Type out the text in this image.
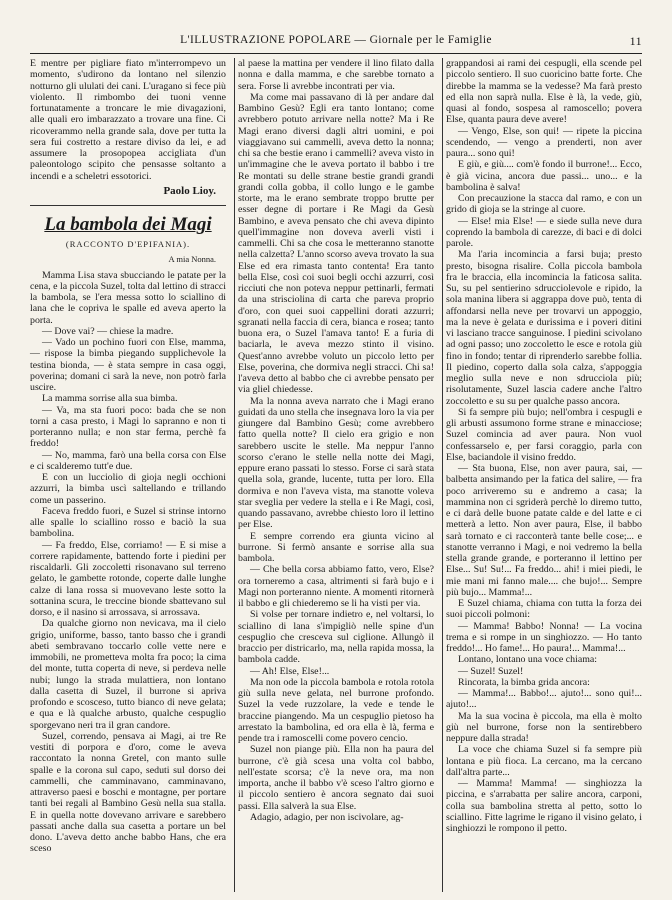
L'ILLUSTRAZIONE POPOLARE — Giornale per le Famiglie	11

E mentre per pigliare fiato m'interrompevo un momento, s'udirono da lontano nel silenzio notturno gli ululati dei cani. L'uragano si fece più violento. Il rimbombo dei tuoni venne fortunatamente a troncare le mie divagazioni, alle quali ero imbarazzato a trovare una fine. Ci ricoverammo nella grande sala, dove per tutta la sera fui costretto a restare diviso da lei, e ad assumere la prosopopea accigliata d'un paleontologo scipito che pensasse soltanto a incendi e a scheletri essotorici.

Paolo Lioy.
La bambola dei Magi
(RACCONTO D'EPIFANIA).
A mia Nonna.

Mamma Lisa stava sbucciando le patate per la cena, e la piccola Suzel, tolta dal lettino di stracci la bambola, se l'era messa sotto lo sciallino di lana che le copriva le spalle ed aveva aperto la porta.

— Dove vai? — chiese la madre.

— Vado un pochino fuori con Else, mamma, — rispose la bimba piegando supplichevole la testina bionda, — è stata sempre in casa oggi, poverina; domani ci sarà la neve, non potrò farla uscire.

La mamma sorrise alla sua bimba.

— Va, ma sta fuori poco: bada che se non torni a casa presto, i Magi lo sapranno e non ti porteranno nulla; e non star ferma, perchè fa freddo!

— No, mamma, farò una bella corsa con Else e ci scalderemo tutt'e due.

E con un lucciolio di gioja negli occhioni azzurri, la bimba uscì saltellando e trillando come un passerino.

Faceva freddo fuori, e Suzel si strinse intorno alle spalle lo sciallino rosso e baciò la sua bambolina.

— Fa freddo, Else, corriamo! — E si mise a correre rapidamente, battendo forte i piedini per riscaldarli. Gli zoccoletti risonavano sul terreno gelato, le gambette rotonde, coperte dalle lunghe calze di lana rossa si muovevano leste sotto la sottanina scura, le treccine bionde sbattevano sul dorso, e il nasino si arrossava, si arrossava.

Da qualche giorno non nevicava, ma il cielo grigio, uniforme, basso, tanto basso che i grandi abeti sembravano toccarlo colle vette nere e immobili, ne prometteva molta fra poco; la cima del monte, tutta coperta di neve, si perdeva nelle nubi; lungo la strada mulattiera, non lontano dalla casetta di Suzel, il burrone si apriva profondo e scosceso, tutto bianco di neve gelata; e qua e là qualche arbusto, qualche cespuglio sporgevano neri tra il gran candore.

Suzel, correndo, pensava ai Magi, ai tre Re vestiti di porpora e d'oro, come le aveva raccontato la nonna Gretel, con manto sulle spalle e la corona sul capo, seduti sul dorso dei cammelli, che camminavano, camminavano, attraverso paesi e boschi e montagne, per portare tanti bei regali al Bambino Gesù nella sua stalla. E in quella notte dovevano arrivare e sarebbero passati anche dalla sua casetta a portare un bel dono. L'aveva detto anche babbo Hans, che era sceso

al paese la mattina per vendere il lino filato dalla nonna e dalla mamma, e che sarebbe tornato a sera. Forse li avrebbe incontrati per via.

Ma come mai passavano di là per andare dal Bambino Gesù? Egli era tanto lontano; come avrebbero potuto arrivare nella notte? Ma i Re Magi erano diversi dagli altri uomini, e poi viaggiavano sui cammelli, aveva detto la nonna; chi sa che bestie erano i cammelli? aveva visto in un'immagine che le aveva portato il babbo i tre Re montati su delle strane bestie grandi grandi grandi colla gobba, il collo lungo e le gambe storte, ma le erano sembrate troppo brutte per esser degne di portare i Re Magi da Gesù Bambino, e aveva pensato che chi aveva dipinto quell'immagine non doveva averli visti i cammelli. Chi sa che cosa le metteranno stanotte nella calzetta? L'anno scorso aveva trovato la sua Else ed era rimasta tanto contenta! Era tanto bella Else, così coi suoi begli occhi azzurri, così ricciuti che non poteva neppur pettinarli, fermati da una strisciolina di carta che pareva proprio d'oro, con quei suoi cappellini dorati azzurri; sgranati nella faccia di cera, bianca e rosea; tanto buona era, o Suzel l'amava tanto! E a furia di baciarla, le aveva mezzo stinto il visino. Quest'anno avrebbe voluto un piccolo letto per Else, poverina, che dormiva negli stracci. Chi sa! l'aveva detto al babbo che ci avrebbe pensato per via gliel chiedesse.

Ma la nonna aveva narrato che i Magi erano guidati da uno stella che insegnava loro la via per giungere dal Bambino Gesù; come avrebbero fatto quella notte? Il cielo era grigio e non sarebbero uscite le stelle. Ma neppur l'anno scorso c'erano le stelle nella notte dei Magi, eppure erano passati lo stesso. Forse ci sarà stata quella sola, grande, lucente, tutta per loro. Ella dormiva e non l'aveva vista, ma stanotte voleva star sveglia per vedere la stella e i Re Magi, così, quando passavano, avrebbe chiesto loro il lettino per Else.

E sempre correndo era giunta vicino al burrone. Si fermò ansante e sorrise alla sua bambola.

— Che bella corsa abbiamo fatto, vero, Else? ora torneremo a casa, altrimenti si farà bujo e i Magi non porteranno niente. A momenti ritornerà il babbo e gli chiederemo se li ha visti per via.

Si volse per tornare indietro e, nel voltarsi, lo sciallino di lana s'impigliò nelle spine d'un cespuglio che cresceva sul ciglione. Allungò il braccio per districarlo, ma, nella rapida mossa, la bambola cadde.

— Ah! Else, Else!...

Ma non ode la piccola bambola e rotola rotola giù sulla neve gelata, nel burrone profondo. Suzel la vede ruzzolare, la vede e tende le braccine piangendo. Ma un cespuglio pietoso ha arrestato la bambolina, ed ora ella è là, ferma e pende tra i ramoscelli come povero cencio.

Suzel non piange più. Ella non ha paura del burrone, c'è già scesa una volta col babbo, nell'estate scorsa; c'è la neve ora, ma non importa, anche il babbo v'è sceso l'altro giorno e il piccolo sentiero è ancora segnato dai suoi passi. Ella salverà la sua Else.

Adagio, adagio, per non iscivolare, ag-

grappandosi ai rami dei cespugli, ella scende pel piccolo sentiero. Il suo cuoricino batte forte. Che direbbe la mamma se la vedesse? Ma farà presto ed ella non saprà nulla. Else è là, la vede, giù, quasi al fondo, sospesa al ramoscello; povera Else, quanta paura deve avere!

— Vengo, Else, son qui! — ripete la piccina scendendo, — vengo a prenderti, non aver paura... sono qui!

E giù, e giù.... com'è fondo il burrone!... Ecco, è già vicina, ancora due passi... uno... e la bambolina è salva!

Con precauzione la stacca dal ramo, e con un grido di gioja se la stringe al cuore.

— Else! mia Else! — e siede sulla neve dura coprendo la bambola di carezze, di baci e di dolci parole.

Ma l'aria incomincia a farsi buja; presto presto, bisogna risalire. Colla piccola bambola fra le braccia, ella incomincia la faticosa salita. Su, su pel sentierino sdrucciolevole e ripido, la sola manina libera si aggrappa dove può, tenta di affondarsi nella neve per trovarvi un appoggio, ma la neve è gelata e durissima e i poveri ditini vi lasciano tracce sanguinose. I piedini scivolano ad ogni passo; uno zoccoletto le esce e rotola giù fino in fondo; tentar di riprenderlo sarebbe follia. Il piedino, coperto dalla sola calza, s'appoggia meglio sulla neve e non sdrucciola più; risolutamente, Suzel lascia cadere anche l'altro zoccoletto e su su per qualche passo ancora.

Si fa sempre più bujo; nell'ombra i cespugli e gli arbusti assumono forme strane e minacciose; Suzel comincia ad aver paura. Non vuol confessarselo e, per farsi coraggio, parla con Else, baciandole il visino freddo.

— Sta buona, Else, non aver paura, sai, — balbetta ansimando per la fatica del salire, — fra poco arriveremo su e andremo a casa; la mammina non ci sgriderà perchè lo diremo tutto, e ci darà delle buone patate calde e del latte e ci metterà a letto. Non aver paura, Else, il babbo sarà tornato e ci racconterà tante belle cose;... e stanotte verranno i Magi, e noi vedremo la bella stella grande grande, e porteranno il lettino per Else... Su! Su!... Fa freddo... ahi! i miei piedi, le mie mani mi fanno male.... che bujo!... Sempre più bujo... Mamma!...

E Suzel chiama, chiama con tutta la forza dei suoi piccoli polmoni:

— Mamma! Babbo! Nonna! — La vocina trema e si rompe in un singhiozzo. — Ho tanto freddo!... Ho fame!... Ho paura!... Mamma!...

Lontano, lontano una voce chiama:

— Suzel! Suzel!

Rincorata, la bimba grida ancora:

— Mamma!... Babbo!... ajuto!... sono qui!... ajuto!...

Ma la sua vocina è piccola, ma ella è molto giù nel burrone, forse non la sentirebbero neppure dalla strada!

La voce che chiama Suzel si fa sempre più lontana e più fioca. La cercano, ma la cercano dall'altra parte...

— Mamma! Mamma! — singhiozza la piccina, e s'arrabatta per salire ancora, carponi, colla sua bambolina stretta al petto, sotto lo sciallino. Fitte lagrime le rigano il visino gelato, i singhiozzi le rompono il petto.
